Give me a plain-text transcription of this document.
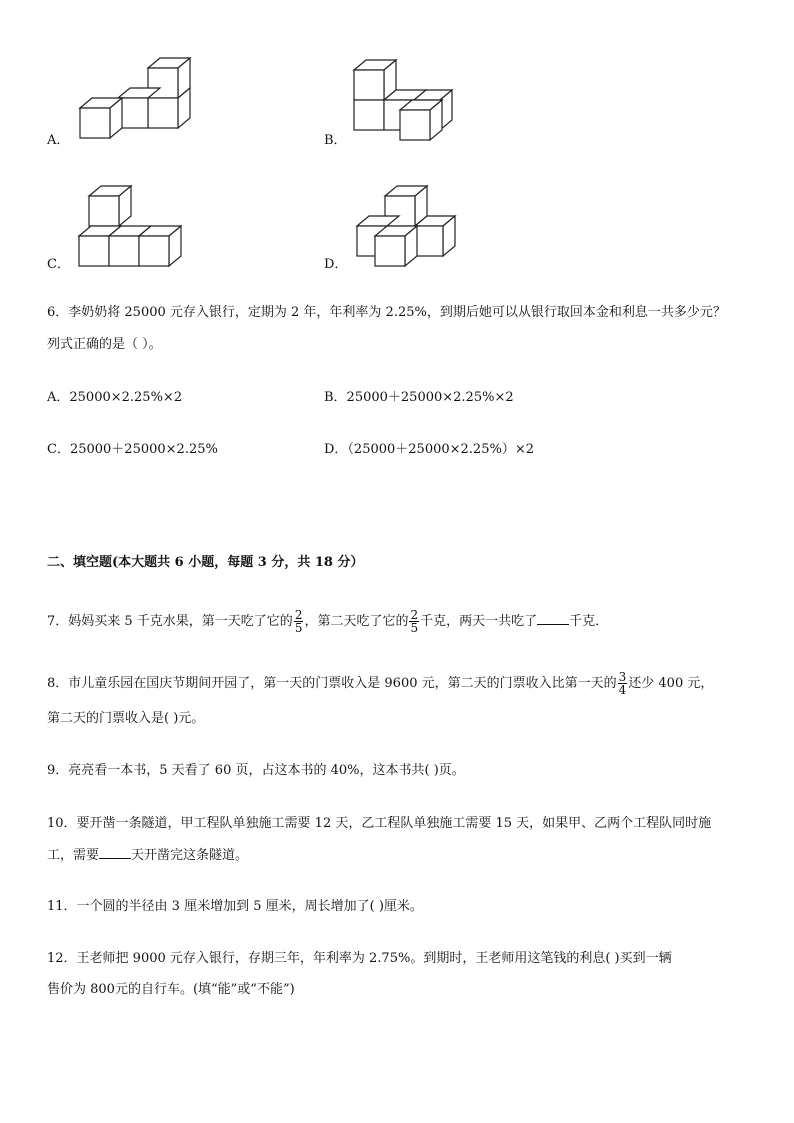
A．	B．
C．	D．
6．李奶奶将 25000 元存入银行，定期为 2 年，年利率为 2.25%，到期后她可以从银行取回本金和利息一共多少元？
列式正确的是（ ）。
A．25000×2.25%×2	B．25000＋25000×2.25%×2
C．25000＋25000×2.25%	D．（25000＋25000×2.25%）×2
二、填空题(本大题共 6 小题，每题 3 分，共 18 分）
7．妈妈买来 5 千克水果，第一天吃了它的 $\frac{2}{5}$ ，第二天吃了它的 $\frac{2}{5}$ 千克，两天一共吃了 千克．
8．市儿童乐园在国庆节期间开园了，第一天的门票收入是 9600 元，第二天的门票收入比第一天的 $\frac{3}{4}$ 还少 400 元，
第二天的门票收入是( )元。
9．亮亮看一本书，5 天看了 60 页，占这本书的 40%，这本书共( )页。
10．要开凿一条隧道，甲工程队单独施工需要 12 天，乙工程队单独施工需要 15 天，如果甲、乙两个工程队同时施
工，需要 天开凿完这条隧道。
11．一个圆的半径由 3 厘米增加到 5 厘米，周长增加了( )厘米。
12．王老师把 9000 元存入银行，存期三年，年利率为 2.75%。到期时，王老师用这笔钱的利息( )买到一辆
售价为 800元的自行车。(填“能”或“不能”)
